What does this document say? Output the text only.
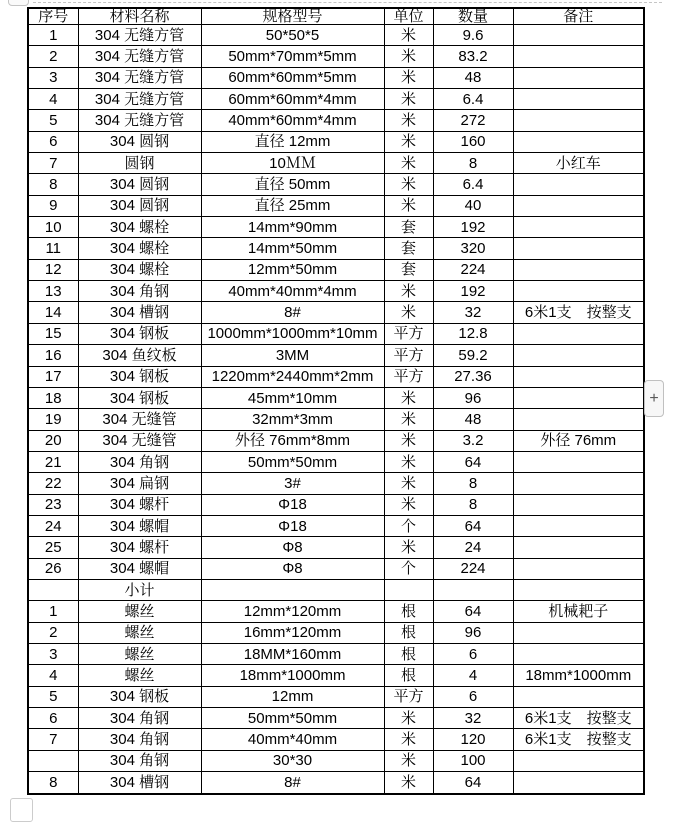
序号	材料名称	规格型号	单位	数量	备注
1	304 无缝方管	50*50*5	米	9.6	
2	304 无缝方管	50mm*70mm*5mm	米	83.2	
3	304 无缝方管	60mm*60mm*5mm	米	48	
4	304 无缝方管	60mm*60mm*4mm	米	6.4	
5	304 无缝方管	40mm*60mm*4mm	米	272	
6	304 圆钢	直径 12mm	米	160	
7	圆钢	10ＭＭ	米	8	小红车
8	304 圆钢	直径 50mm	米	6.4	
9	304 圆钢	直径 25mm	米	40	
10	304 螺栓	14mm*90mm	套	192	
11	304 螺栓	14mm*50mm	套	320	
12	304 螺栓	12mm*50mm	套	224	
13	304 角钢	40mm*40mm*4mm	米	192	
14	304 槽钢	8#	米	32	6米1支　按整支
15	304 钢板	1000mm*1000mm*10mm	平方	12.8	
16	304 鱼纹板	3MM	平方	59.2	
17	304 钢板	1220mm*2440mm*2mm	平方	27.36	
18	304 钢板	45mm*10mm	米	96	
19	304 无缝管	32mm*3mm	米	48	
20	304 无缝管	外径 76mm*8mm	米	3.2	外径 76mm
21	304 角钢	50mm*50mm	米	64	
22	304 扁钢	3#	米	8	
23	304 螺杆	Φ18	米	8	
24	304 螺帽	Φ18	个	64	
25	304 螺杆	Φ8	米	24	
26	304 螺帽	Φ8	个	224	
	小计				
1	螺丝	12mm*120mm	根	64	机械耙子
2	螺丝	16mm*120mm	根	96	
3	螺丝	18MM*160mm	根	6	
4	螺丝	18mm*1000mm	根	4	18mm*1000mm
5	304 钢板	12mm	平方	6	
6	304 角钢	50mm*50mm	米	32	6米1支　按整支
7	304 角钢	40mm*40mm	米	120	6米1支　按整支
	304 角钢	30*30	米	100	
8	304 槽钢	8#	米	64	
+
